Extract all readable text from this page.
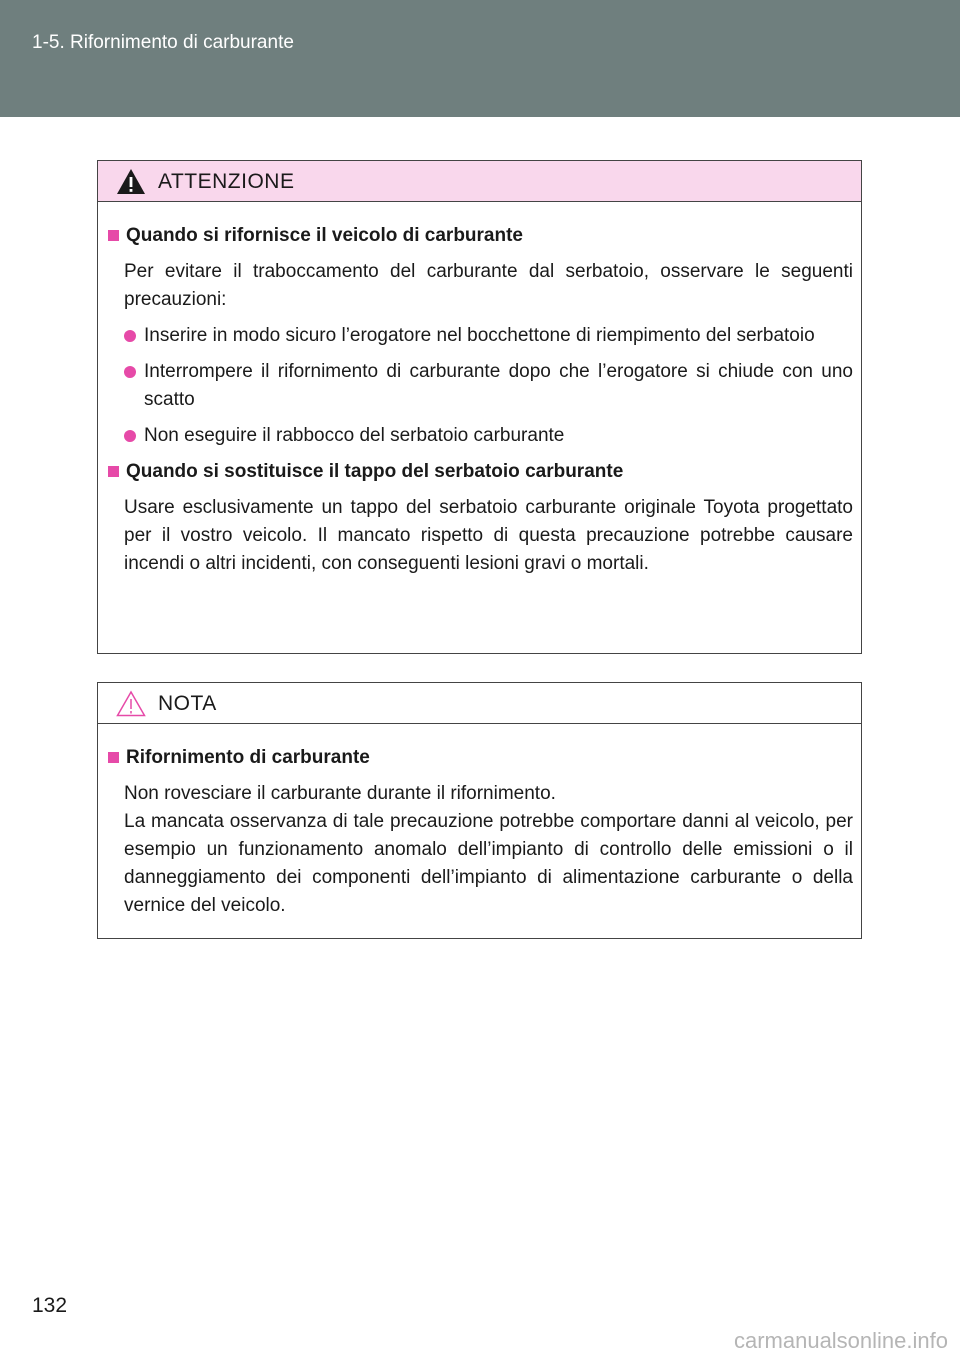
1-5. Rifornimento di carburante
ATTENZIONE
Quando si rifornisce il veicolo di carburante
Per evitare il traboccamento del carburante dal serbatoio, osservare le seguenti precauzioni:
Inserire in modo sicuro l’erogatore nel bocchettone di riempimento del serbatoio
Interrompere il rifornimento di carburante dopo che l’erogatore si chiude con uno scatto
Non eseguire il rabbocco del serbatoio carburante
Quando si sostituisce il tappo del serbatoio carburante
Usare esclusivamente un tappo del serbatoio carburante originale Toyota progettato per il vostro veicolo. Il mancato rispetto di questa precauzione potrebbe causare incendi o altri incidenti, con conseguenti lesioni gravi o mortali.
NOTA
Rifornimento di carburante
Non rovesciare il carburante durante il rifornimento.
La mancata osservanza di tale precauzione potrebbe comportare danni al veicolo, per esempio un funzionamento anomalo dell’impianto di controllo delle emissioni o il danneggiamento dei componenti dell’impianto di alimentazione carburante o della vernice del veicolo.
132
carmanualsonline.info
